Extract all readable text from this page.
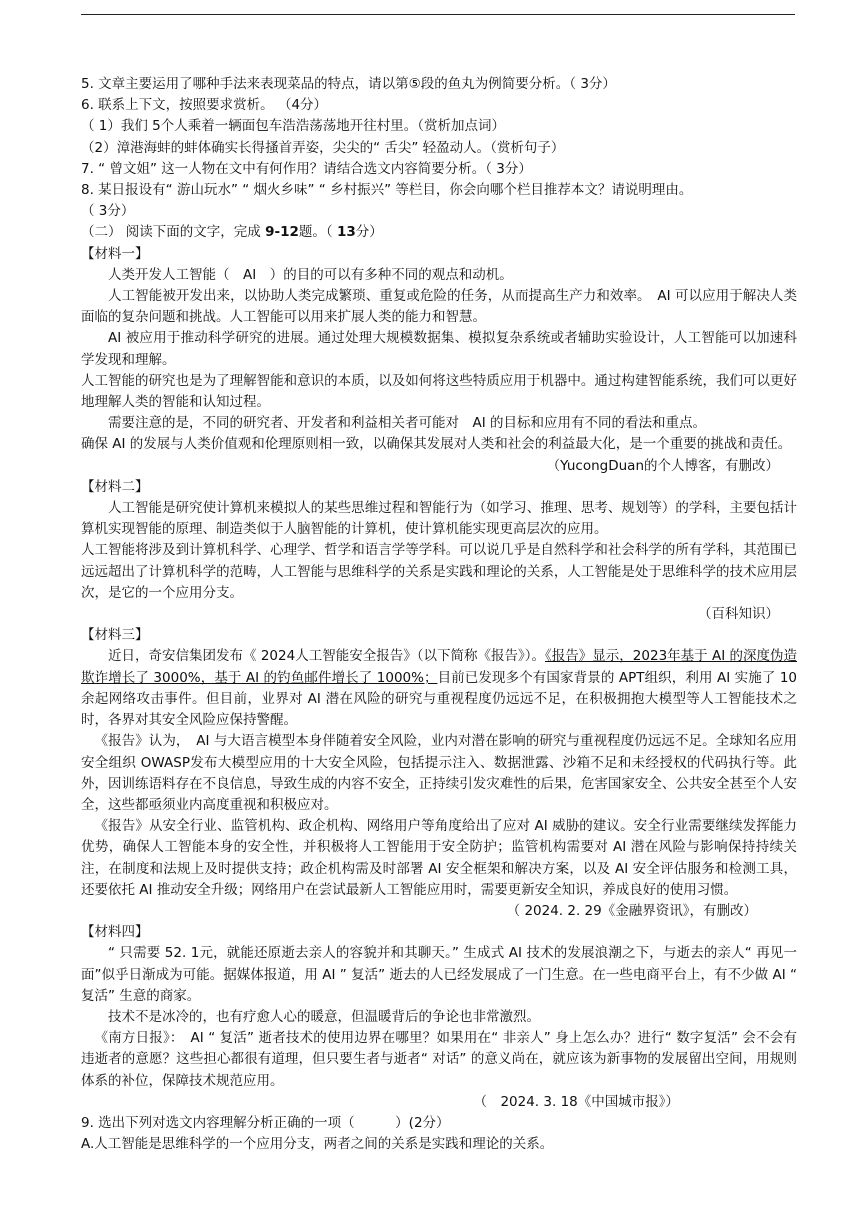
5. 文章主要运用了哪种手法来表现菜品的特点，请以第⑤段的鱼丸为例简要分析。（ 3分）
6. 联系上下文，按照要求赏析。 （4分）
（ 1）我们 5个人乘着一辆面包车浩浩荡荡地开往村里。（赏析加点词）
（2）漳港海蚌的蚌体确实长得搔首弄姿，尖尖的“ 舌尖” 轻盈动人。（赏析句子）
7. “ 曾文姐” 这一人物在文中有何作用？请结合选文内容简要分析。（ 3分）
8. 某日报设有“ 游山玩水” “ 烟火乡味” “ 乡村振兴” 等栏目，你会向哪个栏目推荐本文？请说明理由。
（ 3分）
（二） 阅读下面的文字，完成 9-12题。（ 13分）
【材料一】

人类开发人工智能（　AI　）的目的可以有多种不同的观点和动机。

人工智能被开发出来，以协助人类完成繁琐、重复或危险的任务，从而提高生产力和效率。　AI 可以应用于解决人类面临的复杂问题和挑战。人工智能可以用来扩展人类的能力和智慧。

AI 被应用于推动科学研究的进展。通过处理大规模数据集、模拟复杂系统或者辅助实验设计，人工智能可以加速科学发现和理解。

人工智能的研究也是为了理解智能和意识的本质，以及如何将这些特质应用于机器中。通过构建智能系统，我们可以更好地理解人类的智能和认知过程。

需要注意的是，不同的研究者、开发者和利益相关者可能对　AI 的目标和应用有不同的看法和重点。

确保 AI 的发展与人类价值观和伦理原则相一致，以确保其发展对人类和社会的利益最大化，是一个重要的挑战和责任。

（YucongDuan的个人博客，有删改）
【材料二】

人工智能是研究使计算机来模拟人的某些思维过程和智能行为（如学习、推理、思考、规划等）的学科，主要包括计算机实现智能的原理、制造类似于人脑智能的计算机，使计算机能实现更高层次的应用。

人工智能将涉及到计算机科学、心理学、哲学和语言学等学科。可以说几乎是自然科学和社会科学的所有学科，其范围已远远超出了计算机科学的范畴，人工智能与思维科学的关系是实践和理论的关系，人工智能是处于思维科学的技术应用层次，是它的一个应用分支。

（百科知识）
【材料三】

近日，奇安信集团发布《 2024人工智能安全报告》（以下简称《报告》）。《报告》显示，2023年基于 AI 的深度伪造欺诈增长了 3000%，基于 AI 的钓鱼邮件增长了 1000%；目前已发现多个有国家背景的 APT组织，利用 AI 实施了 10余起网络攻击事件。但目前，业界对 AI 潜在风险的研究与重视程度仍远远不足，在积极拥抱大模型等人工智能技术之时，各界对其安全风险应保持警醒。

《报告》认为，　AI 与大语言模型本身伴随着安全风险，业内对潜在影响的研究与重视程度仍远远不足。全球知名应用安全组织 OWASP发布大模型应用的十大安全风险，包括提示注入、数据泄露、沙箱不足和未经授权的代码执行等。此外，因训练语料存在不良信息，导致生成的内容不安全，正持续引发灾难性的后果，危害国家安全、公共安全甚至个人安全，这些都亟须业内高度重视和积极应对。

《报告》从安全行业、监管机构、政企机构、网络用户等角度给出了应对 AI 威胁的建议。安全行业需要继续发挥能力优势，确保人工智能本身的安全性，并积极将人工智能用于安全防护；监管机构需要对 AI 潜在风险与影响保持持续关注，在制度和法规上及时提供支持；政企机构需及时部署 AI 安全框架和解决方案，以及 AI 安全评估服务和检测工具，还要依托 AI 推动安全升级；网络用户在尝试最新人工智能应用时，需要更新安全知识，养成良好的使用习惯。

（ 2024. 2. 29《金融界资讯》，有删改）
【材料四】

“ 只需要 52. 1元，就能还原逝去亲人的容貌并和其聊天。” 生成式 AI 技术的发展浪潮之下，与逝去的亲人“ 再见一面”似乎日渐成为可能。据媒体报道，用 AI ” 复活” 逝去的人已经发展成了一门生意。在一些电商平台上，有不少做 AI “ 复活” 生意的商家。

技术不是冰冷的，也有疗愈人心的暖意，但温暖背后的争论也非常激烈。

《南方日报》：　AI “ 复活” 逝者技术的使用边界在哪里？如果用在“ 非亲人” 身上怎么办？进行“ 数字复活” 会不会有违逝者的意愿？这些担心都很有道理，但只要生者与逝者“ 对话” 的意义尚在，就应该为新事物的发展留出空间，用规则体系的补位，保障技术规范应用。

（　2024. 3. 18《中国城市报》）
9. 选出下列对选文内容理解分析正确的一项（　　　）(2分）
A.人工智能是思维科学的一个应用分支，两者之间的关系是实践和理论的关系。
